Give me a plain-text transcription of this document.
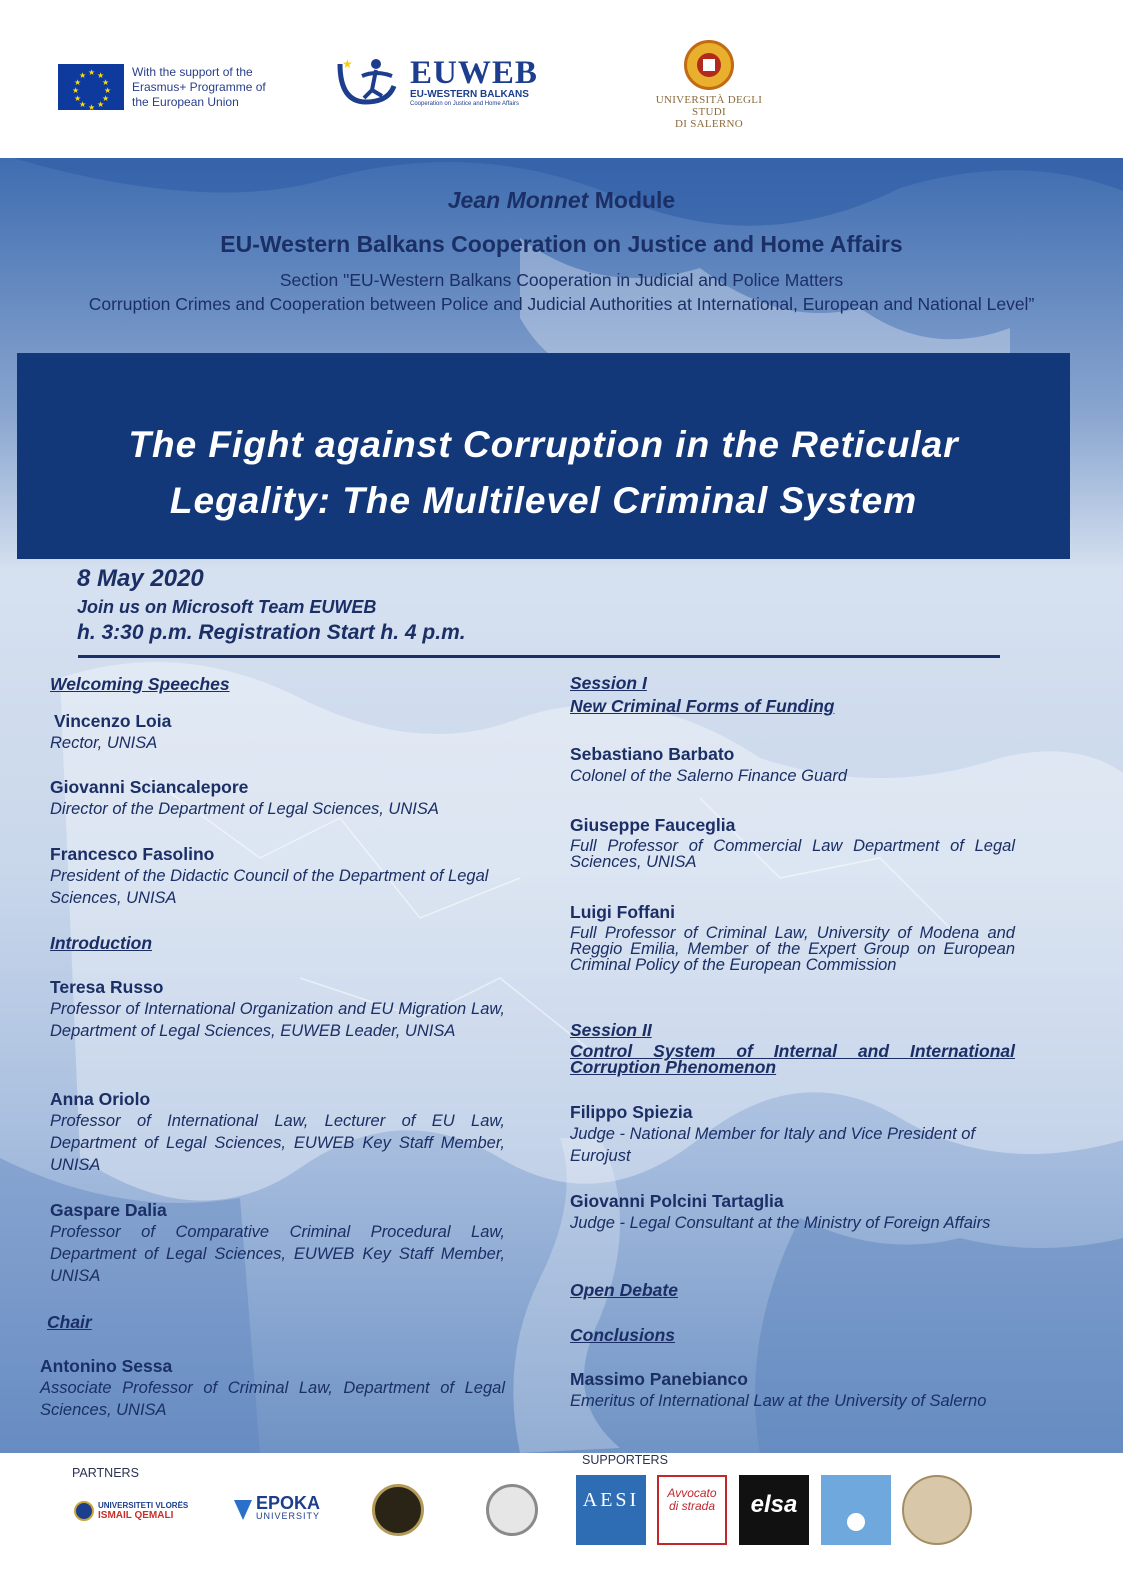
★ ★
★
★
★
★
★
★
★
★
★
★	With the support of the Erasmus+ Programme of the European Union
★ EUWEB
EU-WESTERN BALKANS
Cooperation on Justice and Home Affairs	UNIVERSITÀ DEGLI STUDI
DI SALERNO
Jean Monnet Module
EU-Western Balkans Cooperation on Justice and Home Affairs
Section "EU-Western Balkans Cooperation in Judicial and Police Matters
Corruption Crimes and Cooperation between Police and Judicial Authorities at International, European and National Level”
The Fight against Corruption in the Reticular
Legality: The Multilevel Criminal System
8 May 2020
Join us on Microsoft Team EUWEB
h. 3:30 p.m. Registration Start h. 4 p.m.
Welcoming Speeches
Vincenzo Loia
Rector, UNISA
Giovanni Sciancalepore
Director of the Department of Legal Sciences, UNISA
Francesco Fasolino
President of the Didactic Council of the Department of Legal Sciences, UNISA
Introduction
Teresa Russo
Professor of International Organization and EU Migration Law, Department of Legal Sciences, EUWEB Leader, UNISA
Anna Oriolo
Professor of International Law, Lecturer of EU Law, Department of Legal Sciences, EUWEB Key Staff Member, UNISA
Gaspare Dalia
Professor of Comparative Criminal Procedural Law, Department of Legal Sciences, EUWEB Key Staff Member, UNISA
Chair
Antonino Sessa
Associate Professor of Criminal Law, Department of Legal Sciences, UNISA
Session I
New Criminal Forms of Funding
Sebastiano Barbato
Colonel of the Salerno Finance Guard
Giuseppe Fauceglia
Full Professor of Commercial Law Department of Legal Sciences, UNISA
Luigi Foffani
Full Professor of Criminal Law, University of Modena and Reggio Emilia, Member of the Expert Group on European Criminal Policy of the European Commission
Session II
Control System of Internal and International Corruption Phenomenon
Filippo Spiezia
Judge - National Member for Italy and Vice President of Eurojust
Giovanni Polcini Tartaglia
Judge - Legal Consultant at the Ministry of Foreign Affairs
Open Debate
Conclusions
Massimo Panebianco
Emeritus of International Law at the University of Salerno
PARTNERS
SUPPORTERS
UNIVERSITETI VLORËS
ISMAIL QEMALI
EPOKA
UNIVERSITY
AESI	Avvocato
di strada	elsa
